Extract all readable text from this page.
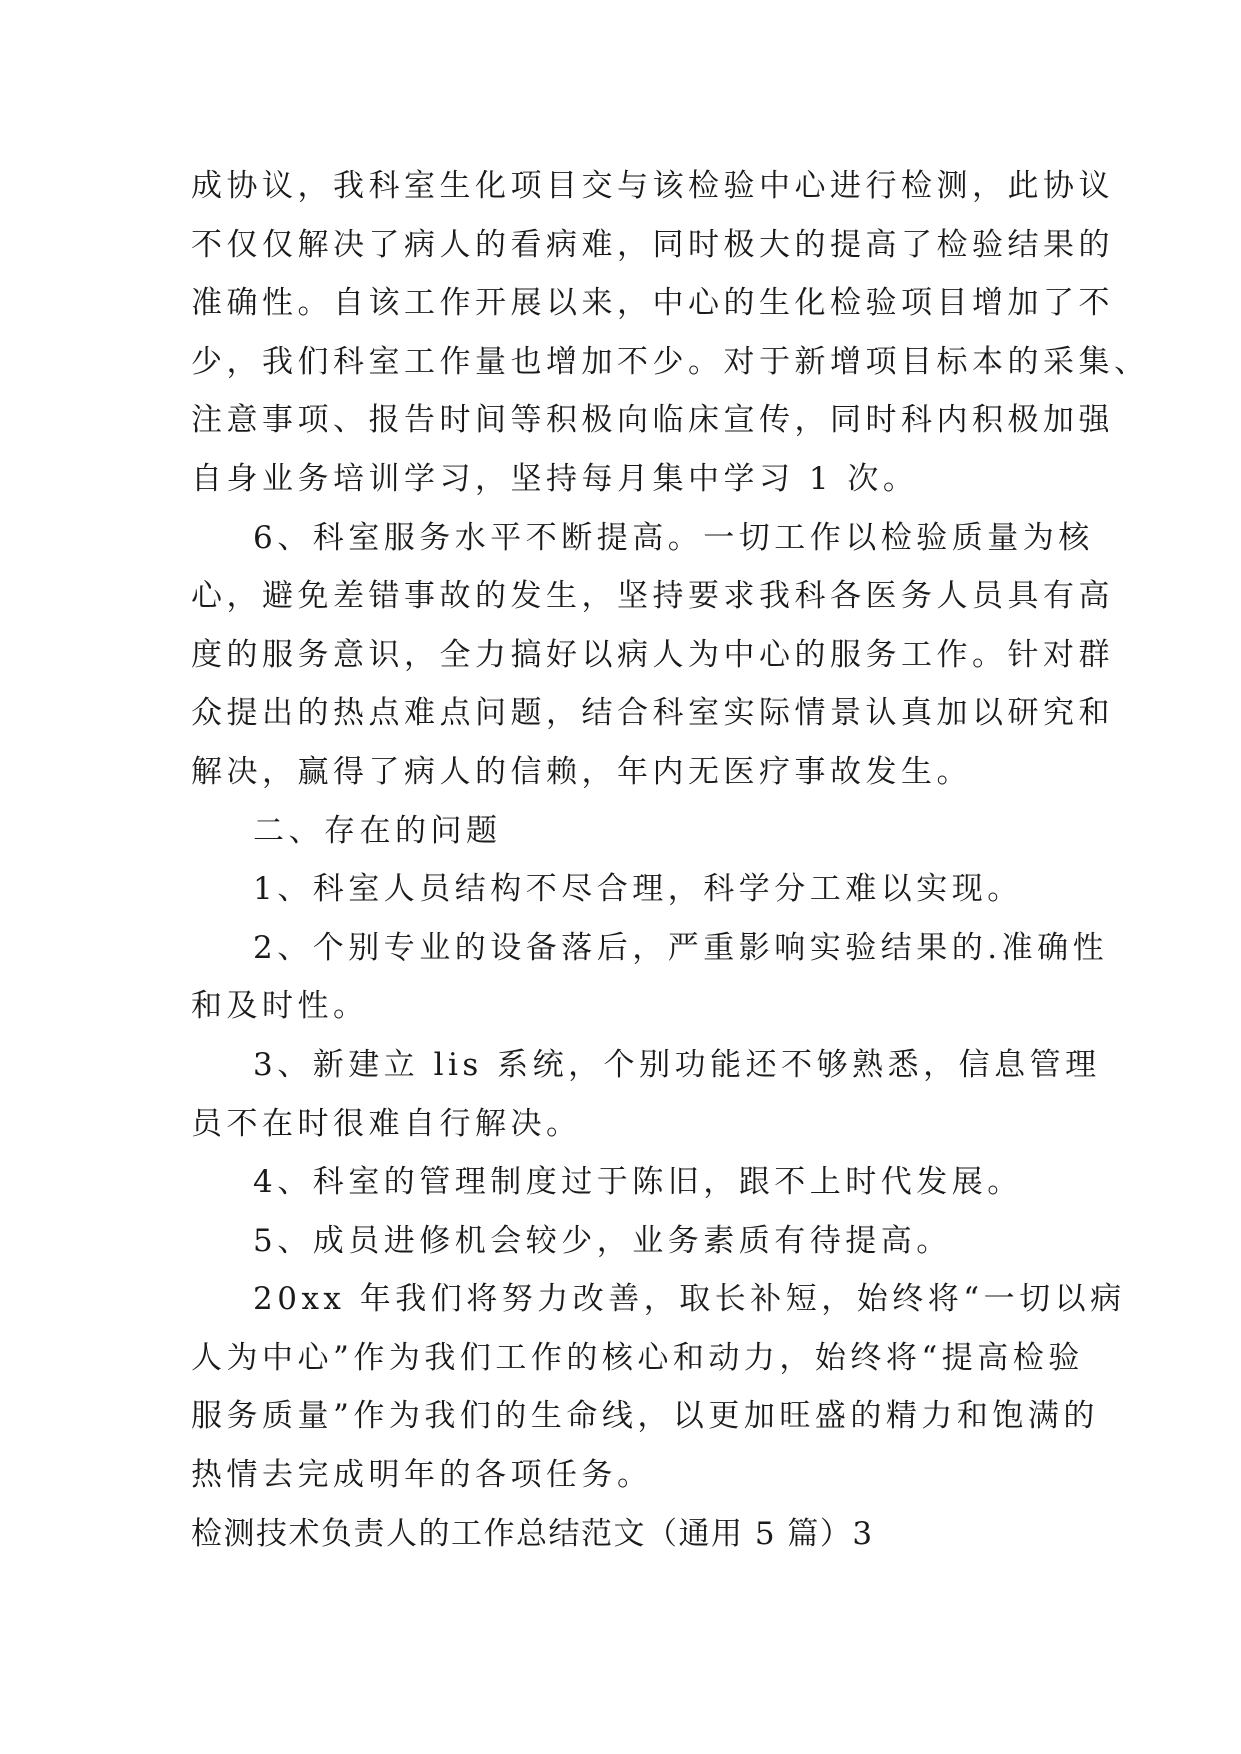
成协议，我科室生化项目交与该检验中心进行检测，此协议
不仅仅解决了病人的看病难，同时极大的提高了检验结果的
准确性。自该工作开展以来，中心的生化检验项目增加了不
少，我们科室工作量也增加不少。对于新增项目标本的采集、
注意事项、报告时间等积极向临床宣传，同时科内积极加强
自身业务培训学习，坚持每月集中学习 1 次。

6、科室服务水平不断提高。一切工作以检验质量为核
心，避免差错事故的发生，坚持要求我科各医务人员具有高
度的服务意识，全力搞好以病人为中心的服务工作。针对群
众提出的热点难点问题，结合科室实际情景认真加以研究和
解决，赢得了病人的信赖，年内无医疗事故发生。

二、存在的问题

1、科室人员结构不尽合理，科学分工难以实现。

2、个别专业的设备落后，严重影响实验结果的.准确性
和及时性。

3、新建立 lis 系统，个别功能还不够熟悉，信息管理
员不在时很难自行解决。

4、科室的管理制度过于陈旧，跟不上时代发展。

5、成员进修机会较少，业务素质有待提高。

20xx 年我们将努力改善，取长补短，始终将“一切以病
人为中心”作为我们工作的核心和动力，始终将“提高检验
服务质量”作为我们的生命线，以更加旺盛的精力和饱满的
热情去完成明年的各项任务。

检测技术负责人的工作总结范文（通用 5 篇）3
